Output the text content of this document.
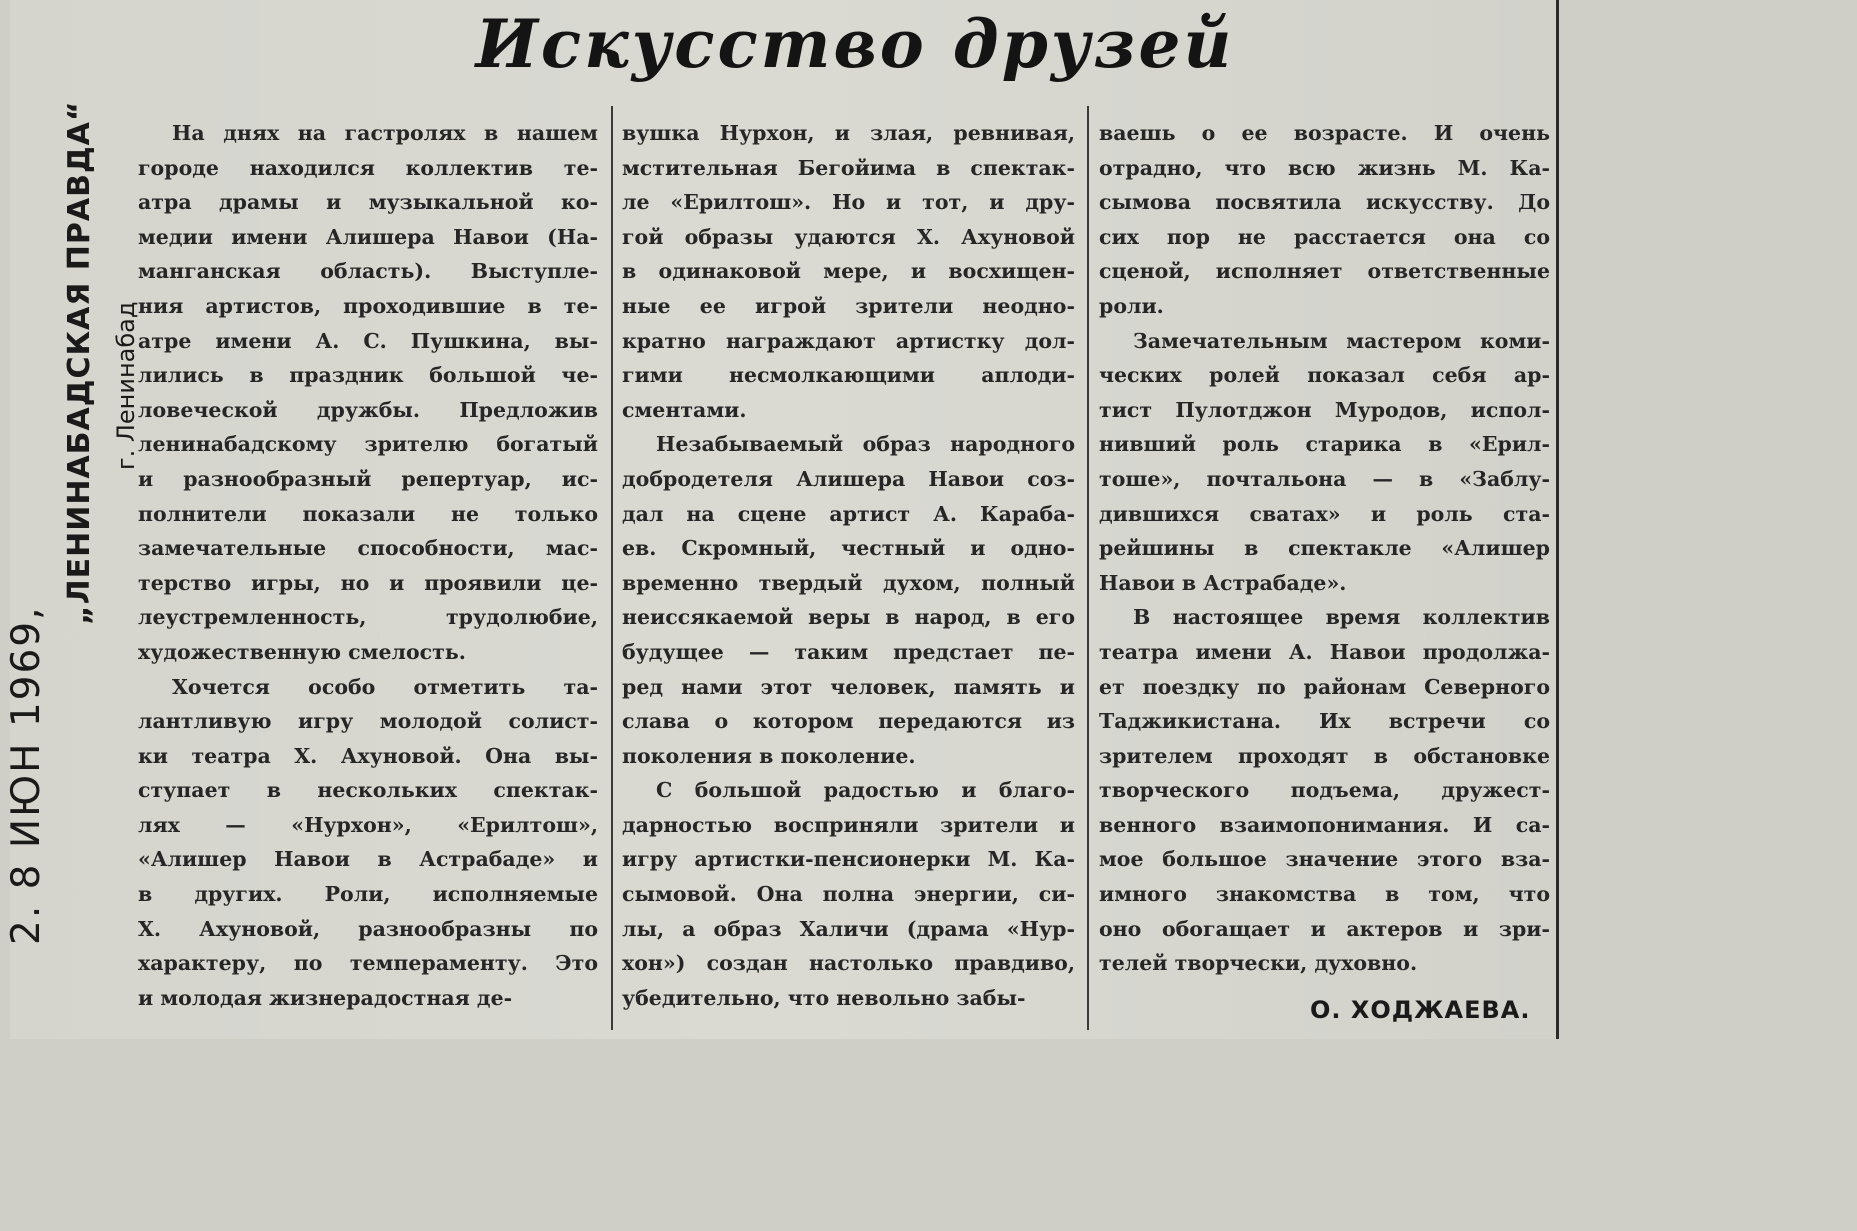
Искусство друзей
2. 8 ИЮН 1969,
„ЛЕНИНАБАДСКАЯ ПРАВДА“ г. Ленинабад
На днях на гастролях в нашем
городе находился коллектив те-
атра драмы и музыкальной ко-
медии имени Алишера Навои (На-
манганская область). Выступле-
ния артистов, проходившие в те-
атре имени А. С. Пушкина, вы-
лились в праздник большой че-
ловеческой дружбы. Предложив
ленинабадскому зрителю богатый
и разнообразный репертуар, ис-
полнители показали не только
замечательные способности, мас-
терство игры, но и проявили це-
леустремленность, трудолюбие,
художественную смелость.
Хочется особо отметить та-
лантливую игру молодой солист-
ки театра Х. Ахуновой. Она вы-
ступает в нескольких спектак-
лях — «Нурхон», «Ерилтош»,
«Алишер Навои в Астрабаде» и
в других. Роли, исполняемые
Х. Ахуновой, разнообразны по
характеру, по темпераменту. Это
и молодая жизнерадостная де-
вушка Нурхон, и злая, ревнивая,
мстительная Бегойима в спектак-
ле «Ерилтош». Но и тот, и дру-
гой образы удаются Х. Ахуновой
в одинаковой мере, и восхищен-
ные ее игрой зрители неодно-
кратно награждают артистку дол-
гими несмолкающими аплоди-
сментами.
Незабываемый образ народного
добродетеля Алишера Навои соз-
дал на сцене артист А. Караба-
ев. Скромный, честный и одно-
временно твердый духом, полный
неиссякаемой веры в народ, в его
будущее — таким предстает пе-
ред нами этот человек, память и
слава о котором передаются из
поколения в поколение.
С большой радостью и благо-
дарностью восприняли зрители и
игру артистки-пенсионерки М. Ка-
сымовой. Она полна энергии, си-
лы, а образ Халичи (драма «Нур-
хон») создан настолько правдиво,
убедительно, что невольно забы-
ваешь о ее возрасте. И очень
отрадно, что всю жизнь М. Ка-
сымова посвятила искусству. До
сих пор не расстается она со
сценой, исполняет ответственные
роли.
Замечательным мастером коми-
ческих ролей показал себя ар-
тист Пулотджон Муродов, испол-
нивший роль старика в «Ерил-
тоше», почтальона — в «Заблу-
дившихся сватах» и роль ста-
рейшины в спектакле «Алишер
Навои в Астрабаде».
В настоящее время коллектив
театра имени А. Навои продолжа-
ет поездку по районам Северного
Таджикистана. Их встречи со
зрителем проходят в обстановке
творческого подъема, дружест-
венного взаимопонимания. И са-
мое большое значение этого вза-
имного знакомства в том, что
оно обогащает и актеров и зри-
телей творчески, духовно.
О. ХОДЖАЕВА.
